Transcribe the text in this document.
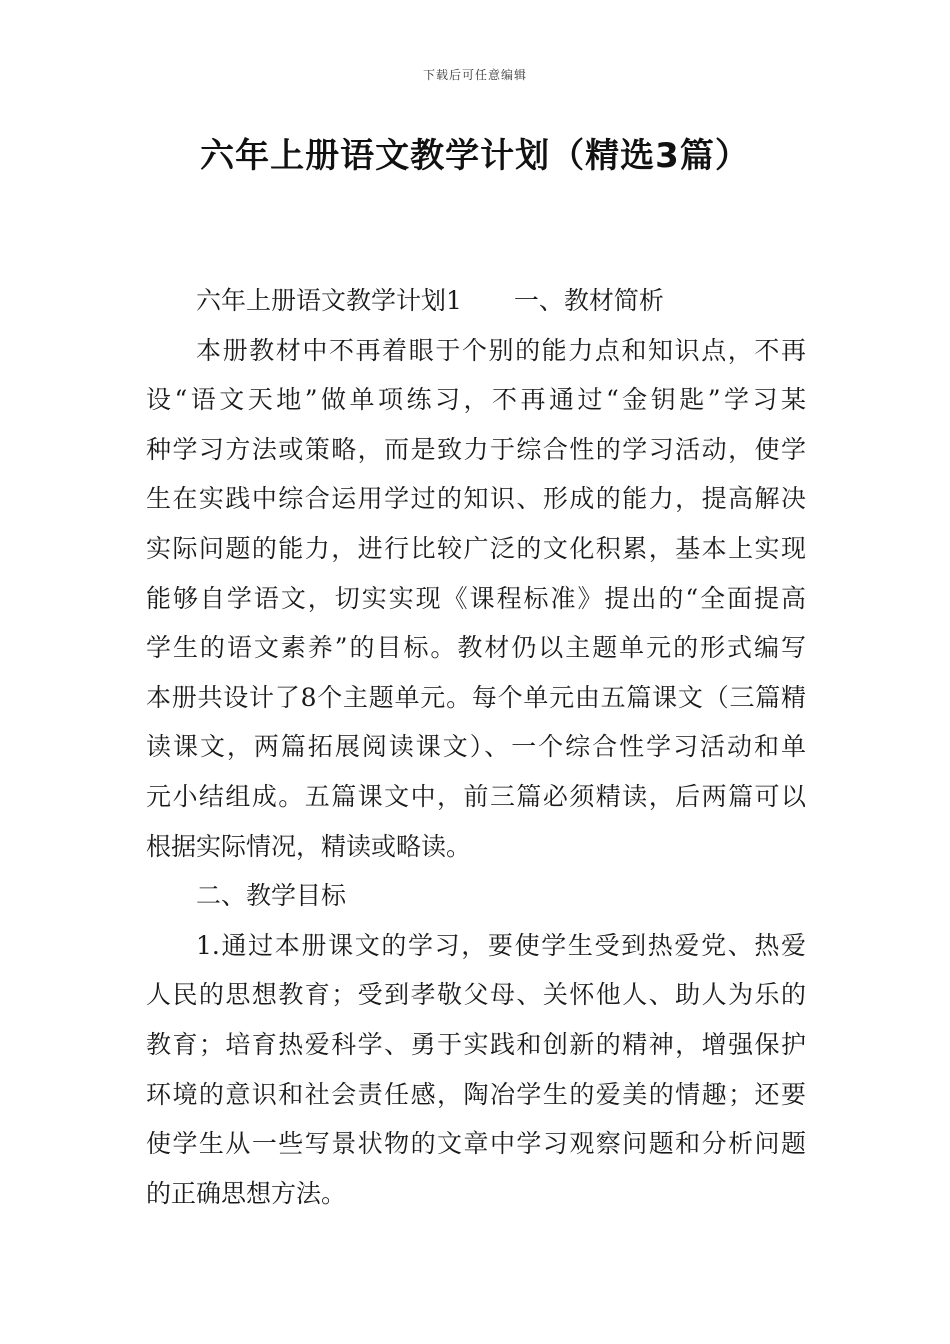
下载后可任意编辑
六年上册语文教学计划（精选3篇）
六年上册语文教学计划1 一、教材简析
本册教材中不再着眼于个别的能力点和知识点，不再
设“语文天地”做单项练习，不再通过“金钥匙”学习某
种学习方法或策略，而是致力于综合性的学习活动，使学
生在实践中综合运用学过的知识、形成的能力，提高解决
实际问题的能力，进行比较广泛的文化积累，基本上实现
能够自学语文，切实实现《课程标准》提出的“全面提高
学生的语文素养”的目标。教材仍以主题单元的形式编写
本册共设计了8个主题单元。每个单元由五篇课文（三篇精
读课文，两篇拓展阅读课文）、一个综合性学习活动和单
元小结组成。五篇课文中，前三篇必须精读，后两篇可以
根据实际情况，精读或略读。
二、教学目标
1.通过本册课文的学习，要使学生受到热爱党、热爱
人民的思想教育；受到孝敬父母、关怀他人、助人为乐的
教育；培育热爱科学、勇于实践和创新的精神，增强保护
环境的意识和社会责任感，陶冶学生的爱美的情趣；还要
使学生从一些写景状物的文章中学习观察问题和分析问题
的正确思想方法。
